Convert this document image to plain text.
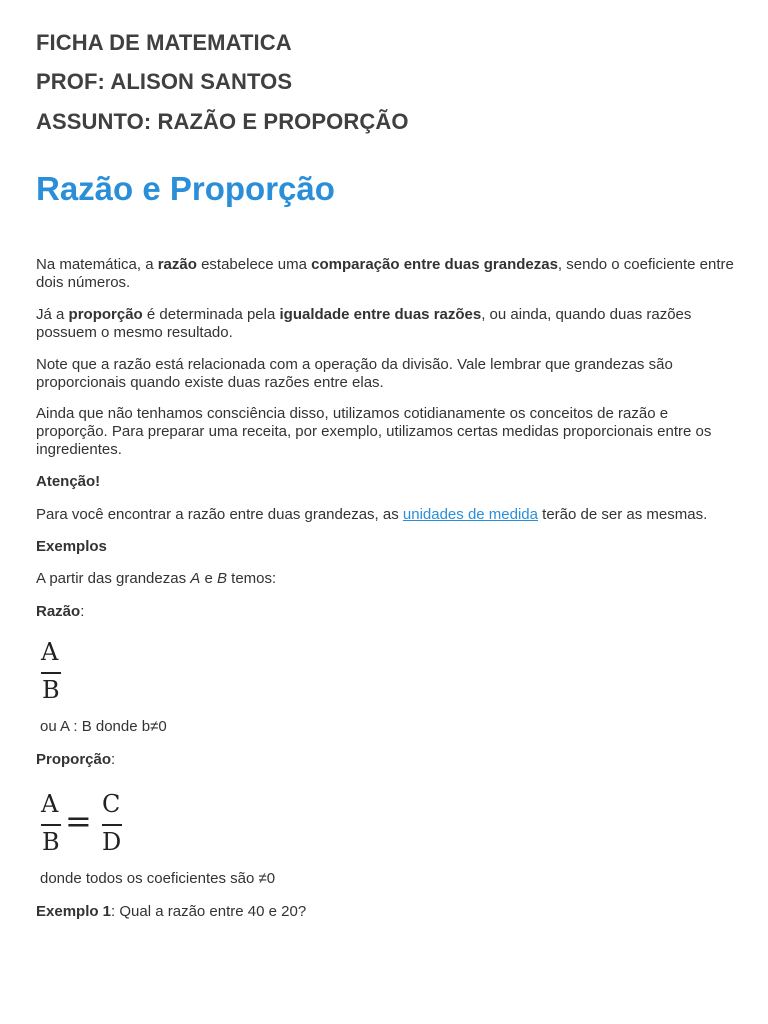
FICHA DE MATEMATICA
PROF: ALISON SANTOS
ASSUNTO: RAZÃO E PROPORÇÃO
Razão e Proporção
Na matemática, a razão estabelece uma comparação entre duas grandezas, sendo o coeficiente entre dois números.
Já a proporção é determinada pela igualdade entre duas razões, ou ainda, quando duas razões possuem o mesmo resultado.
Note que a razão está relacionada com a operação da divisão. Vale lembrar que grandezas são proporcionais quando existe duas razões entre elas.
Ainda que não tenhamos consciência disso, utilizamos cotidianamente os conceitos de razão e proporção. Para preparar uma receita, por exemplo, utilizamos certas medidas proporcionais entre os ingredientes.
Atenção!
Para você encontrar a razão entre duas grandezas, as unidades de medida terão de ser as mesmas.
Exemplos
A partir das grandezas A e B temos:
Razão:
A
B
ou A : B donde b≠0
Proporção:
A
B
= C
D
donde todos os coeficientes são ≠0
Exemplo 1: Qual a razão entre 40 e 20?
